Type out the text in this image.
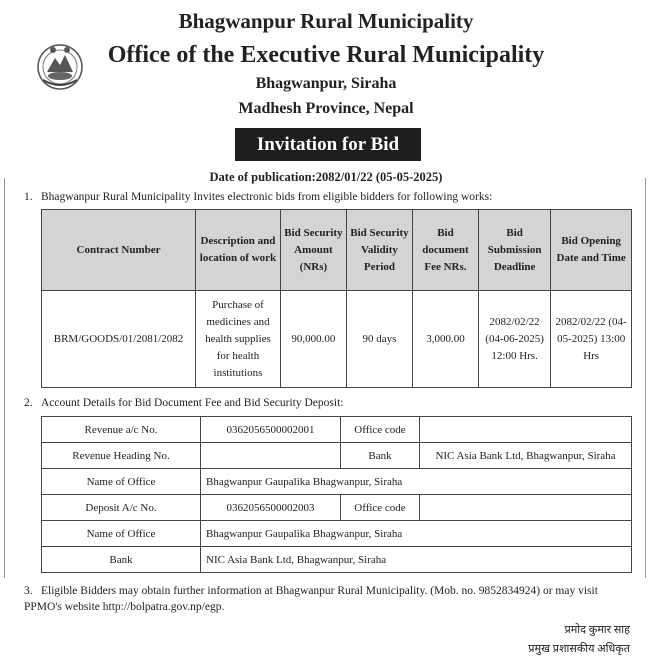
Bhagwanpur Rural Municipality
Office of the Executive Rural Municipality
Bhagwanpur, Siraha
Madhesh Province, Nepal
Invitation for Bid
Date of publication:2082/01/22 (05-05-2025)
1. Bhagwanpur Rural Municipality Invites electronic bids from eligible bidders for following works:
Contract Number	Description and location of work	Bid Security Amount (NRs)	Bid Security Validity Period	Bid document Fee NRs.	Bid Submission Deadline	Bid Opening Date and Time
BRM/GOODS/01/2081/2082	Purchase of medicines and health supplies for health institutions	90,000.00	90 days	3,000.00	2082/02/22 (04-06-2025) 12:00 Hrs.	2082/02/22 (04-05-2025) 13:00 Hrs
2. Account Details for Bid Document Fee and Bid Security Deposit:
Revenue a/c No.	0362056500002001	Office code	
Revenue Heading No.		Bank	NIC Asia Bank Ltd, Bhagwanpur, Siraha
Name of Office	Bhagwanpur Gaupalika Bhagwanpur, Siraha		
Deposit A/c No.	0362056500002003	Office code	
Name of Office	Bhagwanpur Gaupalika Bhagwanpur, Siraha		
Bank	NIC Asia Bank Ltd, Bhagwanpur, Siraha		
3. Eligible Bidders may obtain further information at Bhagwanpur Rural Municipality. (Mob. no. 9852834924) or may visit PPMO's website http://bolpatra.gov.np/egp.
प्रमोद कुमार साह
प्रमुख प्रशासकीय अधिकृत
